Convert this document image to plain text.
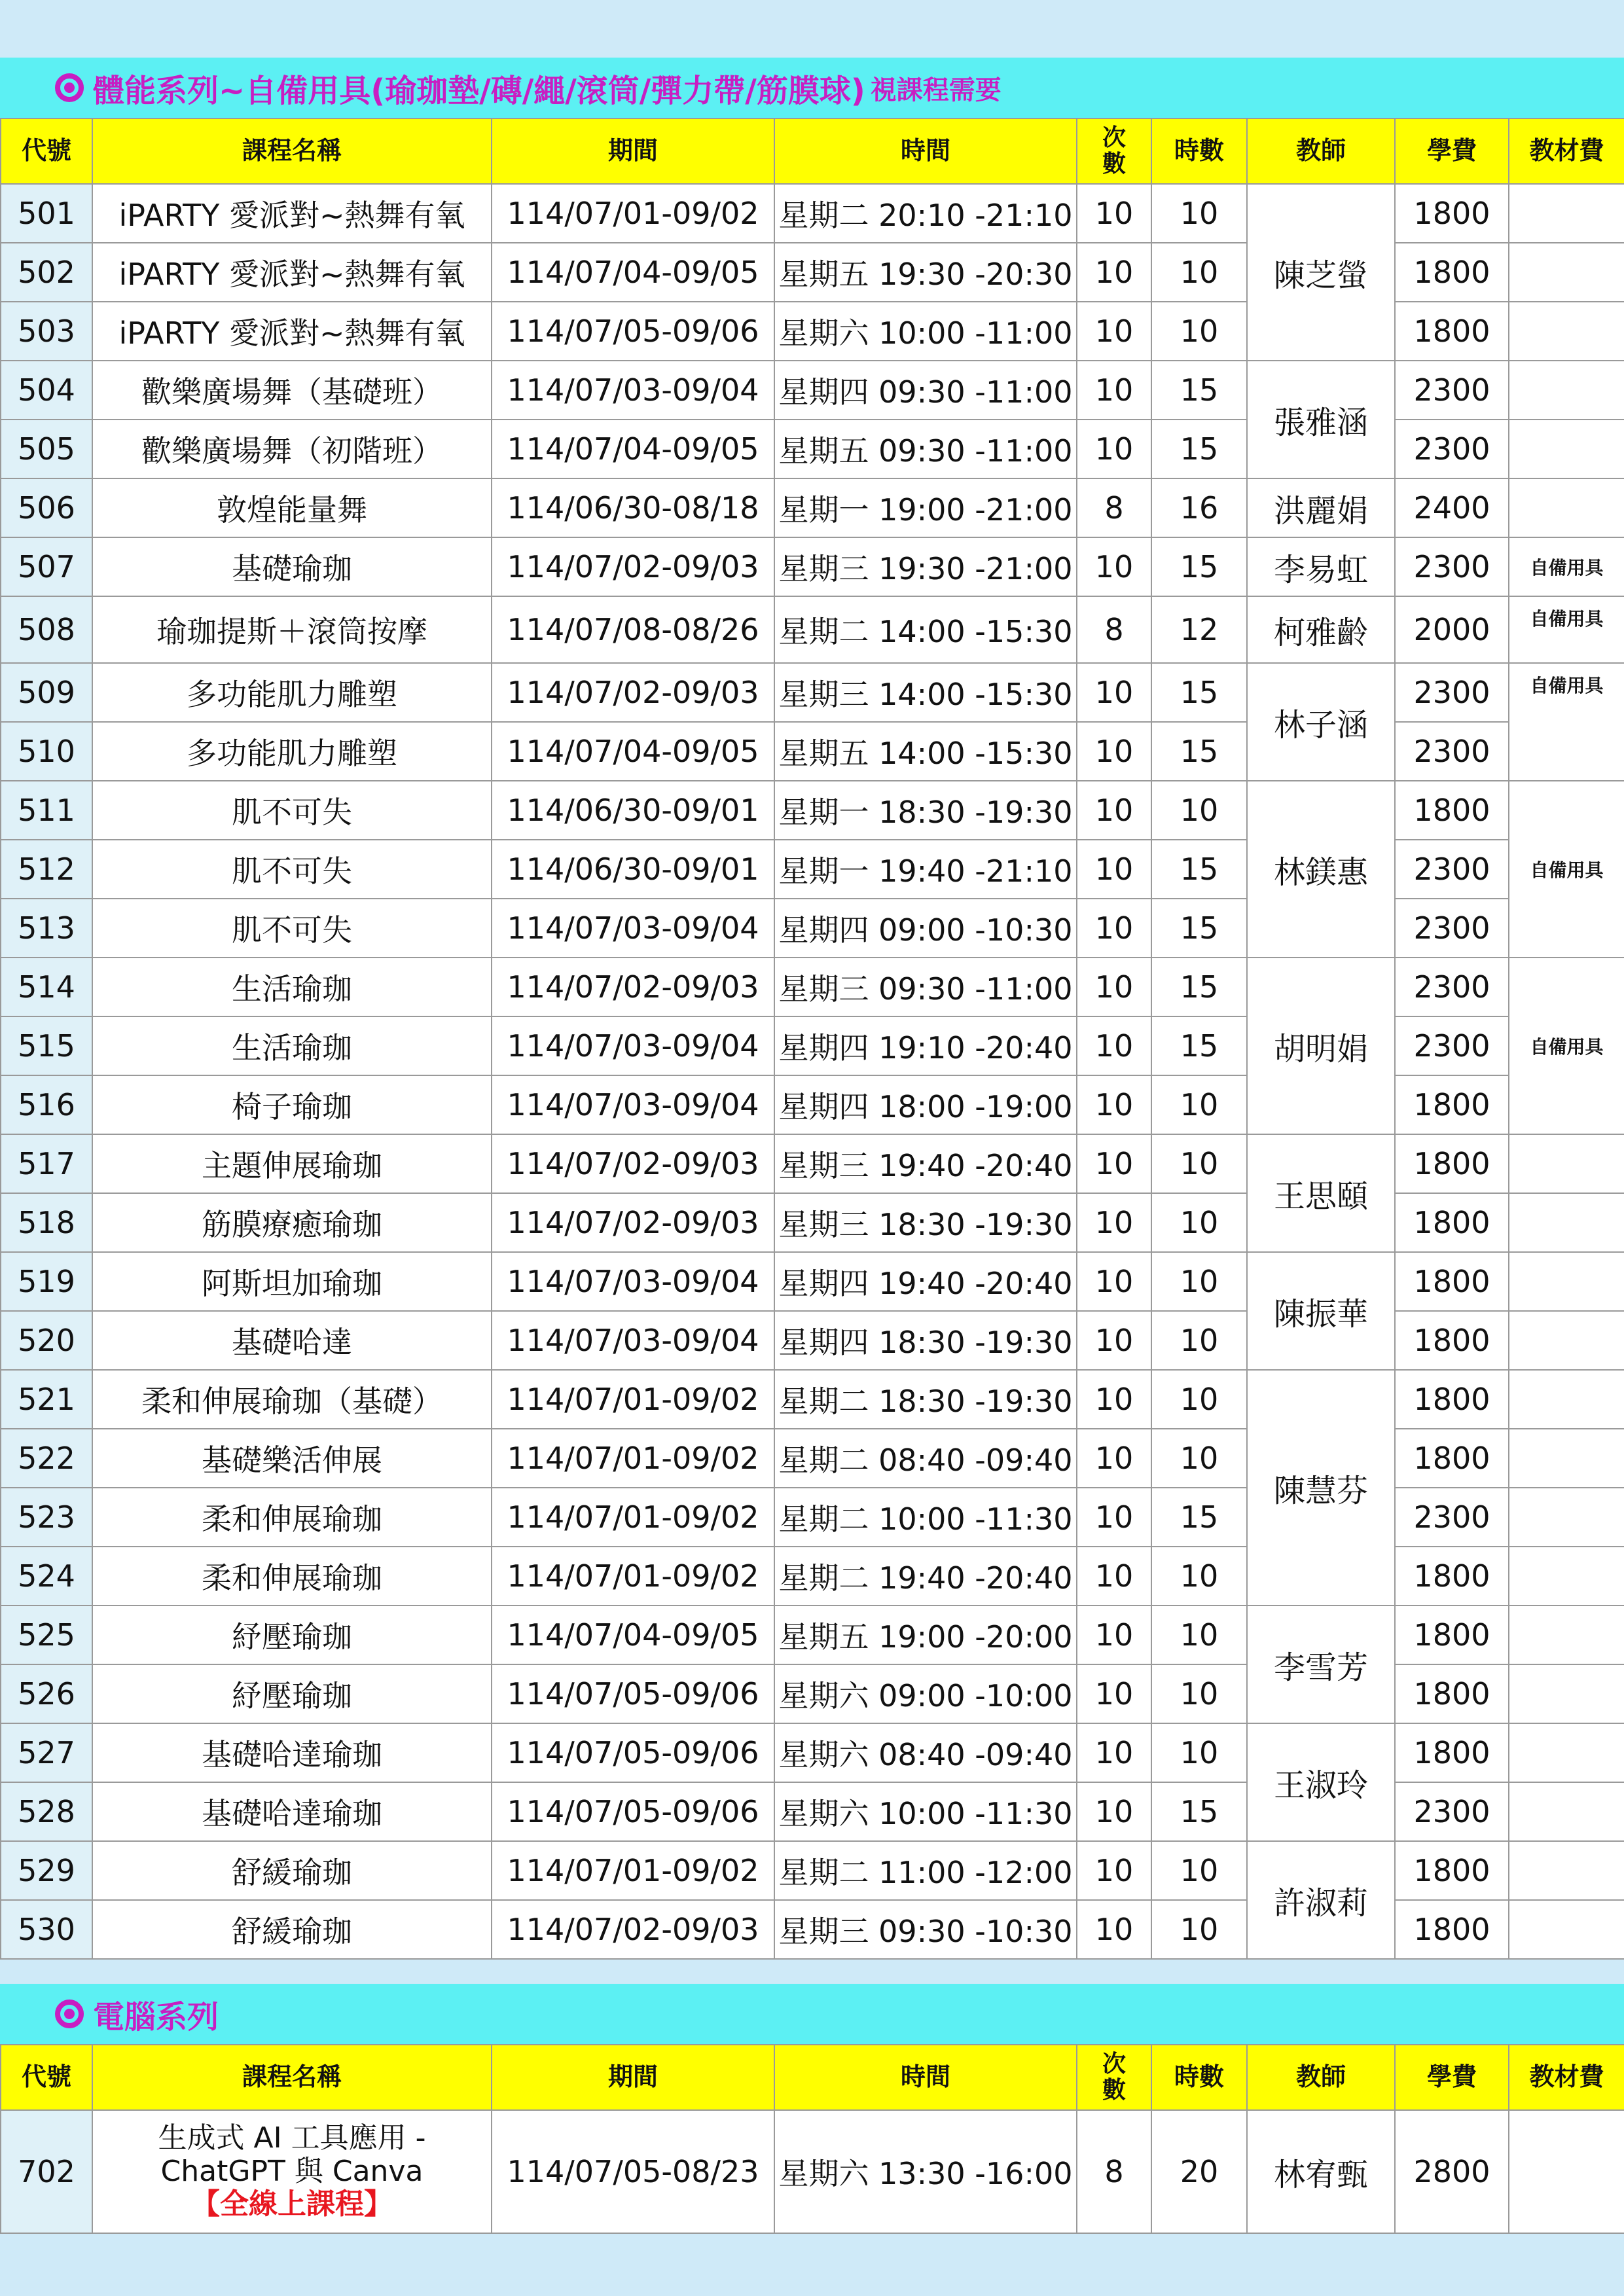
體能系列~自備用具(瑜珈墊/磚/繩/滾筒/彈力帶/筋膜球) 視課程需要
代號	課程名稱	期間	時間	次數	時數	教師	學費	教材費
501	iPARTY 愛派對~熱舞有氧	114/07/01-09/02	星期二 20:10 -21:10	10	10	陳芝螢	1800	
502	iPARTY 愛派對~熱舞有氧	114/07/04-09/05	星期五 19:30 -20:30	10	10		1800	
503	iPARTY 愛派對~熱舞有氧	114/07/05-09/06	星期六 10:00 -11:00	10	10		1800	
504	歡樂廣場舞（基礎班）	114/07/03-09/04	星期四 09:30 -11:00	10	15	張雅涵	2300	
505	歡樂廣場舞（初階班）	114/07/04-09/05	星期五 09:30 -11:00	10	15		2300	
506	敦煌能量舞	114/06/30-08/18	星期一 19:00 -21:00	8	16	洪麗娟	2400	
507	基礎瑜珈	114/07/02-09/03	星期三 19:30 -21:00	10	15	李易虹	2300	自備用具
508	瑜珈提斯＋滾筒按摩	114/07/08-08/26	星期二 14:00 -15:30	8	12	柯雅齡	2000	自備用具
509	多功能肌力雕塑	114/07/02-09/03	星期三 14:00 -15:30	10	15	林子涵	2300	自備用具
510	多功能肌力雕塑	114/07/04-09/05	星期五 14:00 -15:30	10	15		2300	
511	肌不可失	114/06/30-09/01	星期一 18:30 -19:30	10	10	林鎂惠	1800	自備用具
512	肌不可失	114/06/30-09/01	星期一 19:40 -21:10	10	15		2300	
513	肌不可失	114/07/03-09/04	星期四 09:00 -10:30	10	15		2300	
514	生活瑜珈	114/07/02-09/03	星期三 09:30 -11:00	10	15	胡明娟	2300	自備用具
515	生活瑜珈	114/07/03-09/04	星期四 19:10 -20:40	10	15		2300	
516	椅子瑜珈	114/07/03-09/04	星期四 18:00 -19:00	10	10		1800	
517	主題伸展瑜珈	114/07/02-09/03	星期三 19:40 -20:40	10	10	王思頤	1800	
518	筋膜療癒瑜珈	114/07/02-09/03	星期三 18:30 -19:30	10	10		1800	
519	阿斯坦加瑜珈	114/07/03-09/04	星期四 19:40 -20:40	10	10	陳振華	1800	
520	基礎哈達	114/07/03-09/04	星期四 18:30 -19:30	10	10		1800	
521	柔和伸展瑜珈（基礎）	114/07/01-09/02	星期二 18:30 -19:30	10	10	陳慧芬	1800	
522	基礎樂活伸展	114/07/01-09/02	星期二 08:40 -09:40	10	10		1800	
523	柔和伸展瑜珈	114/07/01-09/02	星期二 10:00 -11:30	10	15		2300	
524	柔和伸展瑜珈	114/07/01-09/02	星期二 19:40 -20:40	10	10		1800	
525	紓壓瑜珈	114/07/04-09/05	星期五 19:00 -20:00	10	10	李雪芳	1800	
526	紓壓瑜珈	114/07/05-09/06	星期六 09:00 -10:00	10	10		1800	
527	基礎哈達瑜珈	114/07/05-09/06	星期六 08:40 -09:40	10	10	王淑玲	1800	
528	基礎哈達瑜珈	114/07/05-09/06	星期六 10:00 -11:30	10	15		2300	
529	舒緩瑜珈	114/07/01-09/02	星期二 11:00 -12:00	10	10	許淑莉	1800	
530	舒緩瑜珈	114/07/02-09/03	星期三 09:30 -10:30	10	10		1800	
電腦系列
代號	課程名稱	期間	時間	次數	時數	教師	學費	教材費
702	生成式 AI 工具應用 -
ChatGPT 與 Canva
【全線上課程】	114/07/05-08/23	星期六 13:30 -16:00	8	20	林宥甄	2800	
